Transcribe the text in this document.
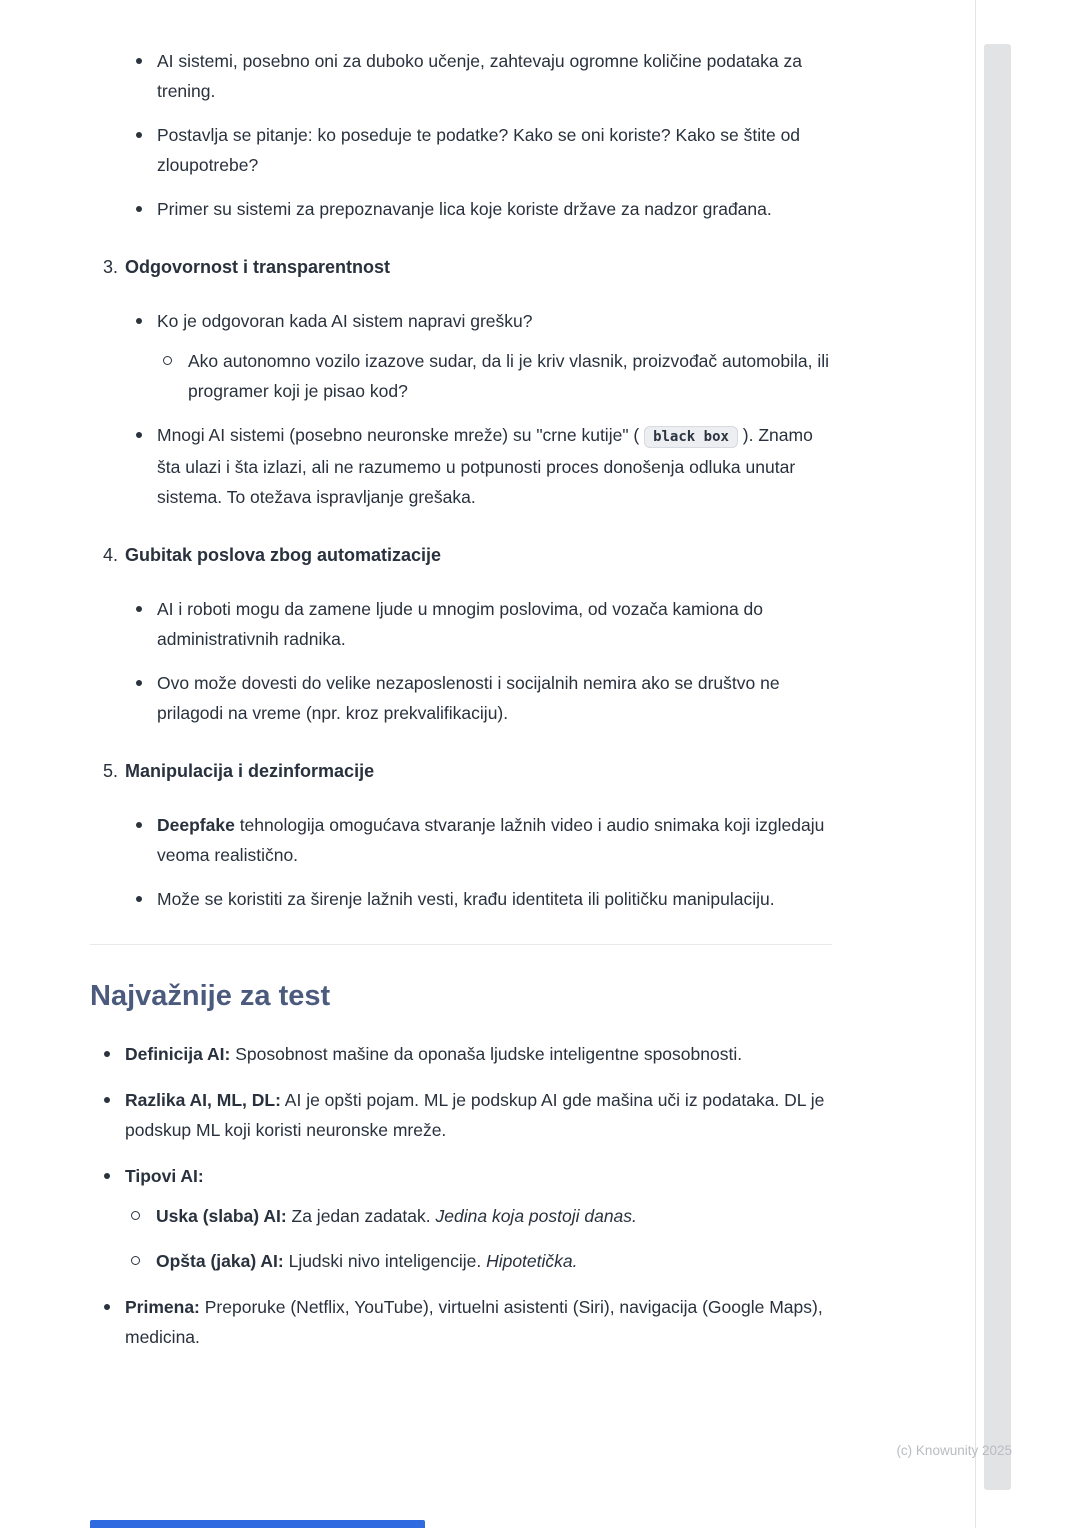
AI sistemi, posebno oni za duboko učenje, zahtevaju ogromne količine podataka za trening.
Postavlja se pitanje: ko poseduje te podatke? Kako se oni koriste? Kako se štite od zloupotrebe?
Primer su sistemi za prepoznavanje lica koje koriste države za nadzor građana.
3. Odgovornost i transparentnost
Ko je odgovoran kada AI sistem napravi grešku?
Ako autonomno vozilo izazove sudar, da li je kriv vlasnik, proizvođač automobila, ili programer koji je pisao kod?
Mnogi AI sistemi (posebno neuronske mreže) su "crne kutije" ( black box ). Znamo šta ulazi i šta izlazi, ali ne razumemo u potpunosti proces donošenja odluka unutar sistema. To otežava ispravljanje grešaka.
4. Gubitak poslova zbog automatizacije
AI i roboti mogu da zamene ljude u mnogim poslovima, od vozača kamiona do administrativnih radnika.
Ovo može dovesti do velike nezaposlenosti i socijalnih nemira ako se društvo ne prilagodi na vreme (npr. kroz prekvalifikaciju).
5. Manipulacija i dezinformacije
Deepfake tehnologija omogućava stvaranje lažnih video i audio snimaka koji izgledaju veoma realistično.
Može se koristiti za širenje lažnih vesti, krađu identiteta ili političku manipulaciju.
Najvažnije za test
Definicija AI: Sposobnost mašine da oponaša ljudske inteligentne sposobnosti.
Razlika AI, ML, DL: AI je opšti pojam. ML je podskup AI gde mašina uči iz podataka. DL je podskup ML koji koristi neuronske mreže.
Tipovi AI:
Uska (slaba) AI: Za jedan zadatak. Jedina koja postoji danas.
Opšta (jaka) AI: Ljudski nivo inteligencije. Hipotetička.
Primena: Preporuke (Netflix, YouTube), virtuelni asistenti (Siri), navigacija (Google Maps), medicina.
(c) Knowunity 2025
